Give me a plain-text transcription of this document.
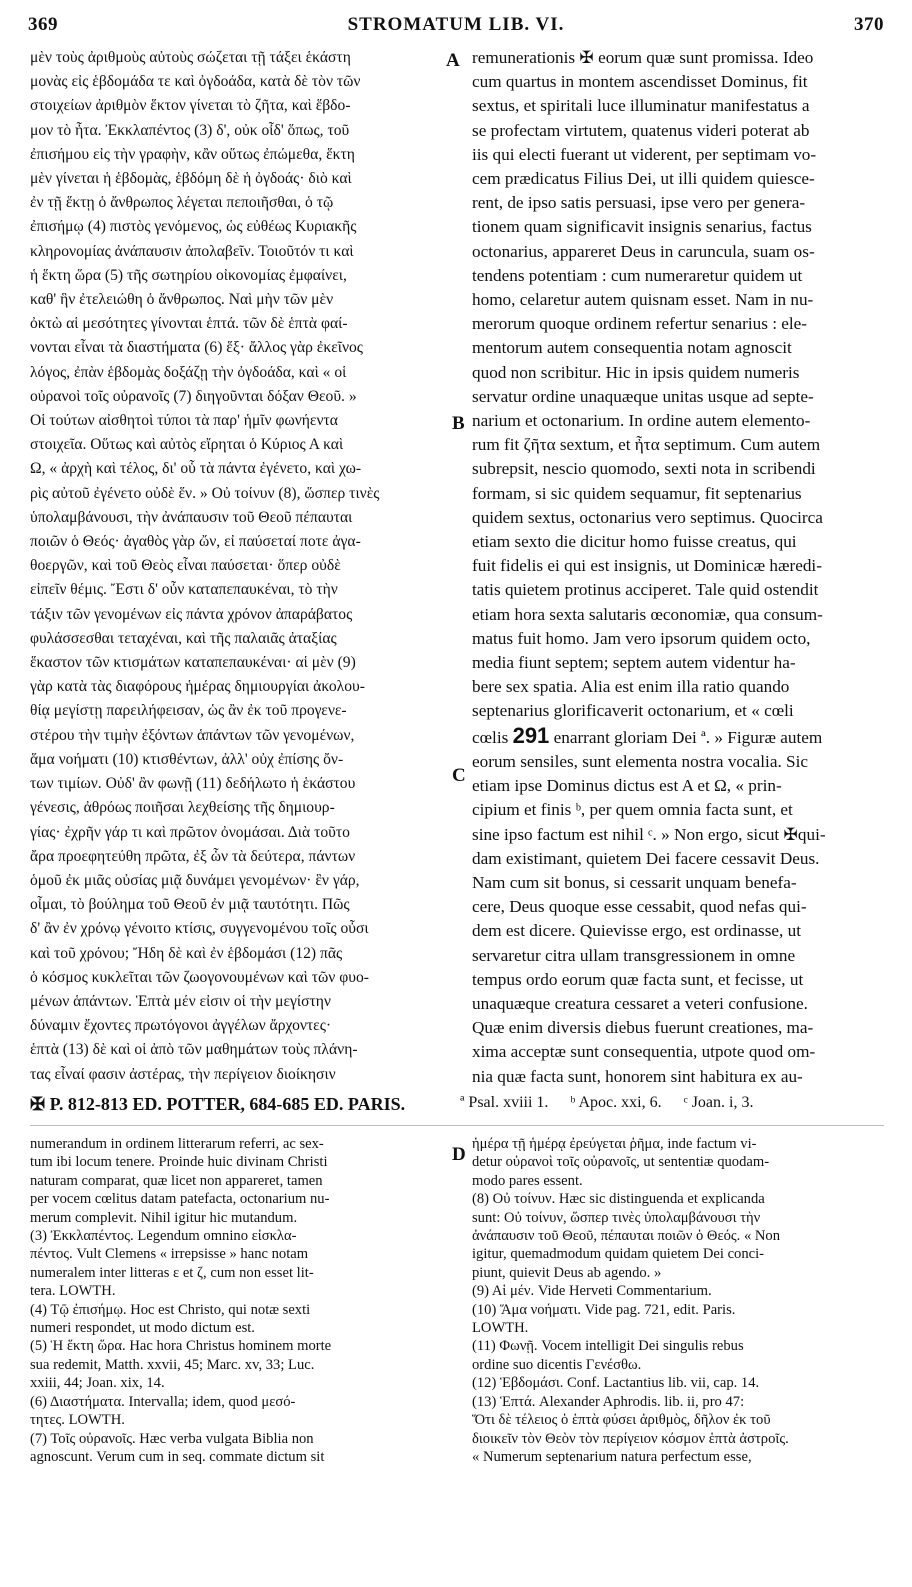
369	STROMATUM LIB. VI.	370
μὲν τοὺς ἀριθμοὺς αὐτοὺς σώζεται τῇ τάξει ἑκάστη
μονὰς εἰς ἑβδομάδα τε καὶ ὀγδοάδα, κατὰ δὲ τὸν τῶν
στοιχείων ἀριθμὸν ἕκτον γίνεται τὸ ζῆτα, καὶ ἕβδο-
μον τὸ ἦτα. Ἐκκλαπέντος (3) δ', οὐκ οἶδ' ὅπως, τοῦ
ἐπισήμου εἰς τὴν γραφὴν, κἂν οὕτως ἐπώμεθα, ἕκτη
μὲν γίνεται ἡ ἑβδομὰς, ἑβδόμη δὲ ἡ ὀγδοάς· διὸ καὶ
ἐν τῇ ἕκτῃ ὁ ἄνθρωπος λέγεται πεποιῆσθαι, ὁ τῷ
ἐπισήμῳ (4) πιστὸς γενόμενος, ὡς εὐθέως Κυριακῆς
κληρονομίας ἀνάπαυσιν ἀπολαβεῖν. Τοιοῦτόν τι καὶ
ἡ ἕκτη ὥρα (5) τῆς σωτηρίου οἰκονομίας ἐμφαίνει,
καθ' ἣν ἐτελειώθη ὁ ἄνθρωπος. Ναὶ μὴν τῶν μὲν
ὀκτὼ αἱ μεσότητες γίνονται ἑπτά. τῶν δὲ ἑπτὰ φαί-
νονται εἶναι τὰ διαστήματα (6) ἕξ· ἄλλος γὰρ ἐκεῖνος
λόγος, ἐπὰν ἑβδομὰς δοξάζῃ τὴν ὀγδοάδα, καὶ « οἱ
οὐρανοὶ τοῖς οὐρανοῖς (7) διηγοῦνται δόξαν Θεοῦ. »
Οἱ τούτων αἰσθητοὶ τύποι τὰ παρ' ἡμῖν φωνήεντα
στοιχεῖα. Οὕτως καὶ αὐτὸς εἴρηται ὁ Κύριος Α καὶ
Ω, « ἀρχὴ καὶ τέλος, δι' οὗ τὰ πάντα ἐγένετο, καὶ χω-
ρὶς αὐτοῦ ἐγένετο οὐδὲ ἕν. » Οὐ τοίνυν (8), ὥσπερ τινὲς
ὑπολαμβάνουσι, τὴν ἀνάπαυσιν τοῦ Θεοῦ πέπαυται
ποιῶν ὁ Θεός· ἀγαθὸς γὰρ ὤν, εἰ παύσεταί ποτε ἀγα-
θοεργῶν, καὶ τοῦ Θεὸς εἶναι παύσεται· ὅπερ οὐδὲ
εἰπεῖν θέμις. Ἔστι δ' οὖν καταπεπαυκέναι, τὸ τὴν
τάξιν τῶν γενομένων εἰς πάντα χρόνον ἀπαράβατος
φυλάσσεσθαι τεταχέναι, καὶ τῆς παλαιᾶς ἀταξίας
ἕκαστον τῶν κτισμάτων καταπεπαυκέναι· αἱ μὲν (9)
γὰρ κατὰ τὰς διαφόρους ἡμέρας δημιουργίαι ἀκολου-
θίᾳ μεγίστῃ παρειλήφεισαν, ὡς ἂν ἐκ τοῦ προγενε-
στέρου τὴν τιμὴν ἐξόντων ἁπάντων τῶν γενομένων,
ἅμα νοήματι (10) κτισθέντων, ἀλλ' οὐχ ἐπίσης ὄν-
των τιμίων. Οὐδ' ἂν φωνῇ (11) δεδήλωτο ἡ ἑκάστου
γένεσις, ἀθρόως ποιῆσαι λεχθείσης τῆς δημιουρ-
γίας· ἐχρῆν γάρ τι καὶ πρῶτον ὀνομάσαι. Διὰ τοῦτο
ἄρα προεφητεύθη πρῶτα, ἐξ ὧν τὰ δεύτερα, πάντων
ὁμοῦ ἐκ μιᾶς οὐσίας μιᾷ δυνάμει γενομένων· ἓν γάρ,
οἶμαι, τὸ βούλημα τοῦ Θεοῦ ἐν μιᾷ ταυτότητι. Πῶς
δ' ἂν ἐν χρόνῳ γένοιτο κτίσις, συγγενομένου τοῖς οὖσι
καὶ τοῦ χρόνου; Ἤδη δὲ καὶ ἐν ἑβδομάσι (12) πᾶς
ὁ κόσμος κυκλεῖται τῶν ζωογονουμένων καὶ τῶν φυο-
μένων ἁπάντων. Ἑπτὰ μέν εἰσιν οἱ τὴν μεγίστην
δύναμιν ἔχοντες πρωτόγονοι ἀγγέλων ἄρχοντες·
ἑπτὰ (13) δὲ καὶ οἱ ἀπὸ τῶν μαθημάτων τοὺς πλάνη-
τας εἶναί φασιν ἀστέρας, τὴν περίγειον διοίκησιν
remunerationis ✠ eorum quæ sunt promissa. Ideo
cum quartus in montem ascendisset Dominus, fit
sextus, et spiritali luce illuminatur manifestatus a
se profectam virtutem, quatenus videri poterat ab
iis qui electi fuerant ut viderent, per septimam vo-
cem prædicatus Filius Dei, ut illi quidem quiesce-
rent, de ipso satis persuasi, ipse vero per genera-
tionem quam significavit insignis senarius, factus
octonarius, appareret Deus in caruncula, suam os-
tendens potentiam : cum numeraretur quidem ut
homo, celaretur autem quisnam esset. Nam in nu-
merorum quoque ordinem refertur senarius : ele-
mentorum autem consequentia notam agnoscit
quod non scribitur. Hic in ipsis quidem numeris
servatur ordine unaquæque unitas usque ad septe-
narium et octonarium. In ordine autem elemento-
rum fit ζῆτα sextum, et ἦτα septimum. Cum autem
subrepsit, nescio quomodo, sexti nota in scribendi
formam, si sic quidem sequamur, fit septenarius
quidem sextus, octonarius vero septimus. Quocirca
etiam sexto die dicitur homo fuisse creatus, qui
fuit fidelis ei qui est insignis, ut Dominicæ hæredi-
tatis quietem protinus acciperet. Tale quid ostendit
etiam hora sexta salutaris œconomiæ, qua consum-
matus fuit homo. Jam vero ipsorum quidem octo,
media fiunt septem; septem autem videntur ha-
bere sex spatia. Alia est enim illa ratio quando
septenarius glorificaverit octonarium, et « cœli
cœlis 291 enarrant gloriam Dei ª. » Figuræ autem
eorum sensiles, sunt elementa nostra vocalia. Sic
etiam ipse Dominus dictus est A et Ω, « prin-
cipium et finis ᵇ, per quem omnia facta sunt, et
sine ipso factum est nihil ᶜ. » Non ergo, sicut ✠qui-
dam existimant, quietem Dei facere cessavit Deus.
Nam cum sit bonus, si cessarit unquam benefa-
cere, Deus quoque esse cessabit, quod nefas qui-
dem est dicere. Quievisse ergo, est ordinasse, ut
servaretur citra ullam transgressionem in omne
tempus ordo eorum quæ facta sunt, et fecisse, ut
unaquæque creatura cessaret a veteri confusione.
Quæ enim diversis diebus fuerunt creationes, ma-
xima acceptæ sunt consequentia, utpote quod om-
nia quæ facta sunt, honorem sint habitura ex au-
A
B
C
D
✠ P. 812-813 ED. POTTER, 684-685 ED. PARIS.	ª Psal. xviii 1. ᵇ Apoc. xxi, 6. ᶜ Joan. i, 3.
numerandum in ordinem litterarum referri, ac sex-
tum ibi locum tenere. Proinde huic divinam Christi
naturam comparat, quæ licet non appareret, tamen
per vocem cœlitus datam patefacta, octonarium nu-
merum complevit. Nihil igitur hic mutandum.
(3) Ἐκκλαπέντος. Legendum omnino εἰσκλα-
πέντος. Vult Clemens « irrepsisse » hanc notam
numeralem inter litteras ε et ζ, cum non esset lit-
tera. LOWTH.
(4) Τῷ ἐπισήμῳ. Hoc est Christo, qui notæ sexti
numeri respondet, ut modo dictum est.
(5) Ἡ ἕκτη ὥρα. Hac hora Christus hominem morte
sua redemit, Matth. xxvii, 45; Marc. xv, 33; Luc.
xxiii, 44; Joan. xix, 14.
(6) Διαστήματα. Intervalla; idem, quod μεσό-
τητες. LOWTH.
(7) Τοῖς οὐρανοῖς. Hæc verba vulgata Biblia non
agnoscunt. Verum cum in seq. commate dictum sit
ἡμέρα τῇ ἡμέρᾳ ἐρεύγεται ῥῆμα, inde factum vi-
detur οὐρανοὶ τοῖς οὐρανοῖς, ut sententiæ quodam-
modo pares essent.
(8) Οὐ τοίνυν. Hæc sic distinguenda et explicanda
sunt: Οὐ τοίνυν, ὥσπερ τινὲς ὑπολαμβάνουσι τὴν
ἀνάπαυσιν τοῦ Θεοῦ, πέπαυται ποιῶν ὁ Θεός. « Non
igitur, quemadmodum quidam quietem Dei conci-
piunt, quievit Deus ab agendo. »
(9) Αἱ μέν. Vide Herveti Commentarium.
(10) Ἅμα νοήματι. Vide pag. 721, edit. Paris.
LOWTH.
(11) Φωνῇ. Vocem intelligit Dei singulis rebus
ordine suo dicentis Γενέσθω.
(12) Ἑβδομάσι. Conf. Lactantius lib. vii, cap. 14.
(13) Ἑπτά. Alexander Aphrodis. lib. ii, pro 47:
Ὅτι δὲ τέλειος ὁ ἑπτὰ φύσει ἀριθμὸς, δῆλον ἐκ τοῦ
διοικεῖν τὸν Θεὸν τὸν περίγειον κόσμον ἑπτὰ ἀστροῖς.
« Numerum septenarium natura perfectum esse,
